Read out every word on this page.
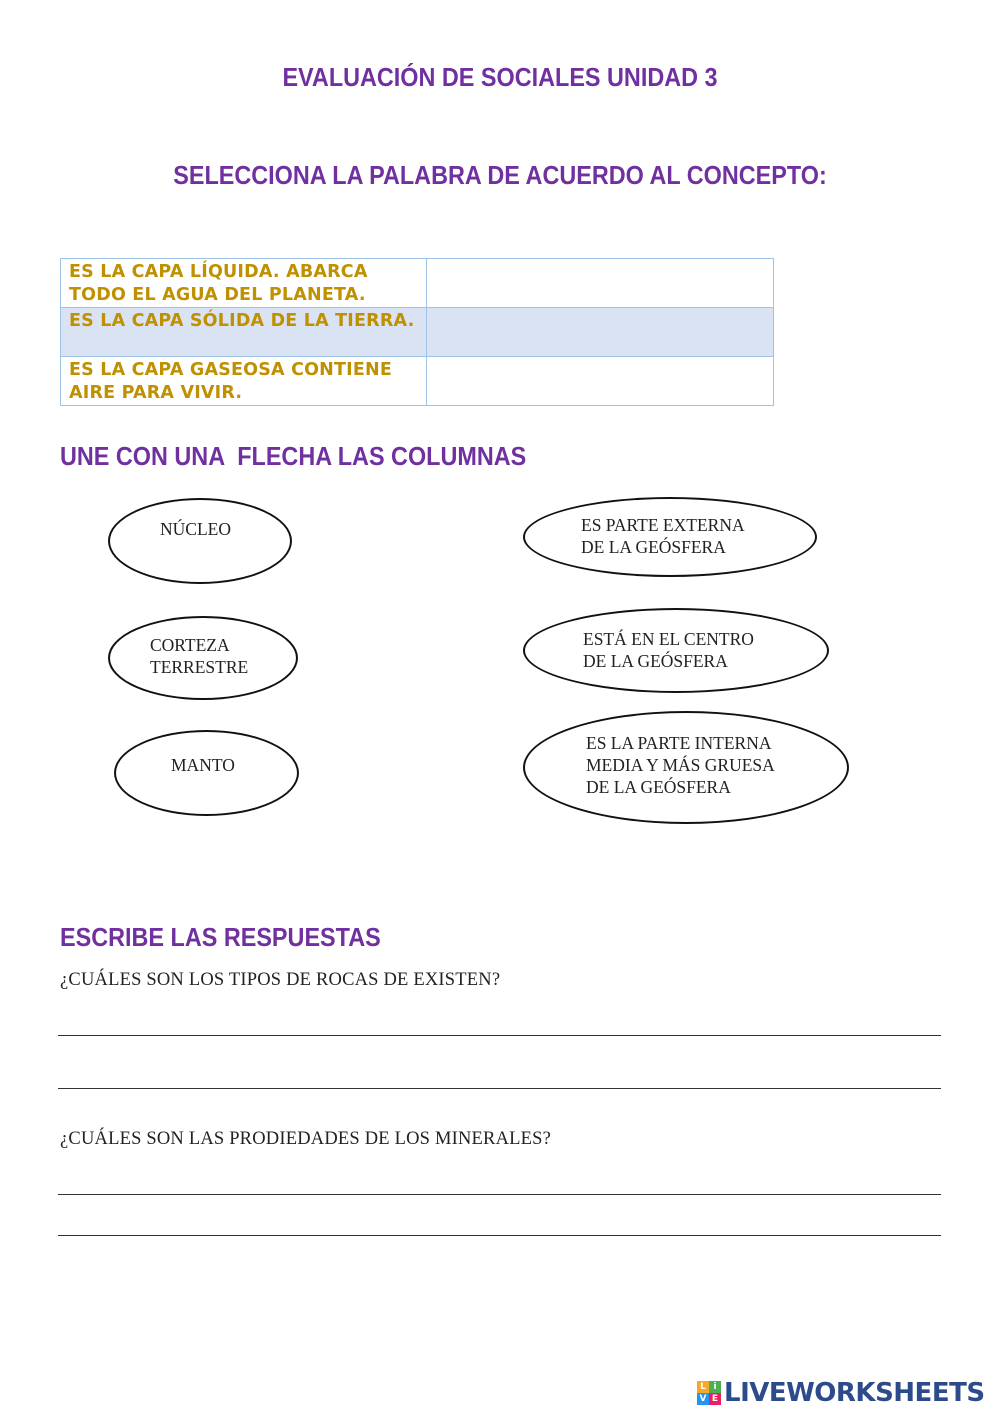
EVALUACIÓN DE SOCIALES UNIDAD 3
SELECCIONA LA PALABRA DE ACUERDO AL CONCEPTO:
ES LA CAPA LÍQUIDA. ABARCA TODO EL AGUA DEL PLANETA.	
ES LA CAPA SÓLIDA DE LA TIERRA.	
ES LA CAPA GASEOSA CONTIENE AIRE PARA VIVIR.	
UNE CON UNA  FLECHA LAS COLUMNAS
NÚCLEO
CORTEZA
TERRESTRE
MANTO
ES PARTE EXTERNA
DE LA GEÓSFERA
ESTÁ EN EL CENTRO
DE LA GEÓSFERA
ES LA PARTE INTERNA
MEDIA Y MÁS GRUESA
DE LA GEÓSFERA
ESCRIBE LAS RESPUESTAS
¿CUÁLES SON LOS TIPOS DE ROCAS DE EXISTEN?
¿CUÁLES SON LAS PRODIEDADES DE LOS MINERALES?
L i
V E LIVEWORKSHEETS
